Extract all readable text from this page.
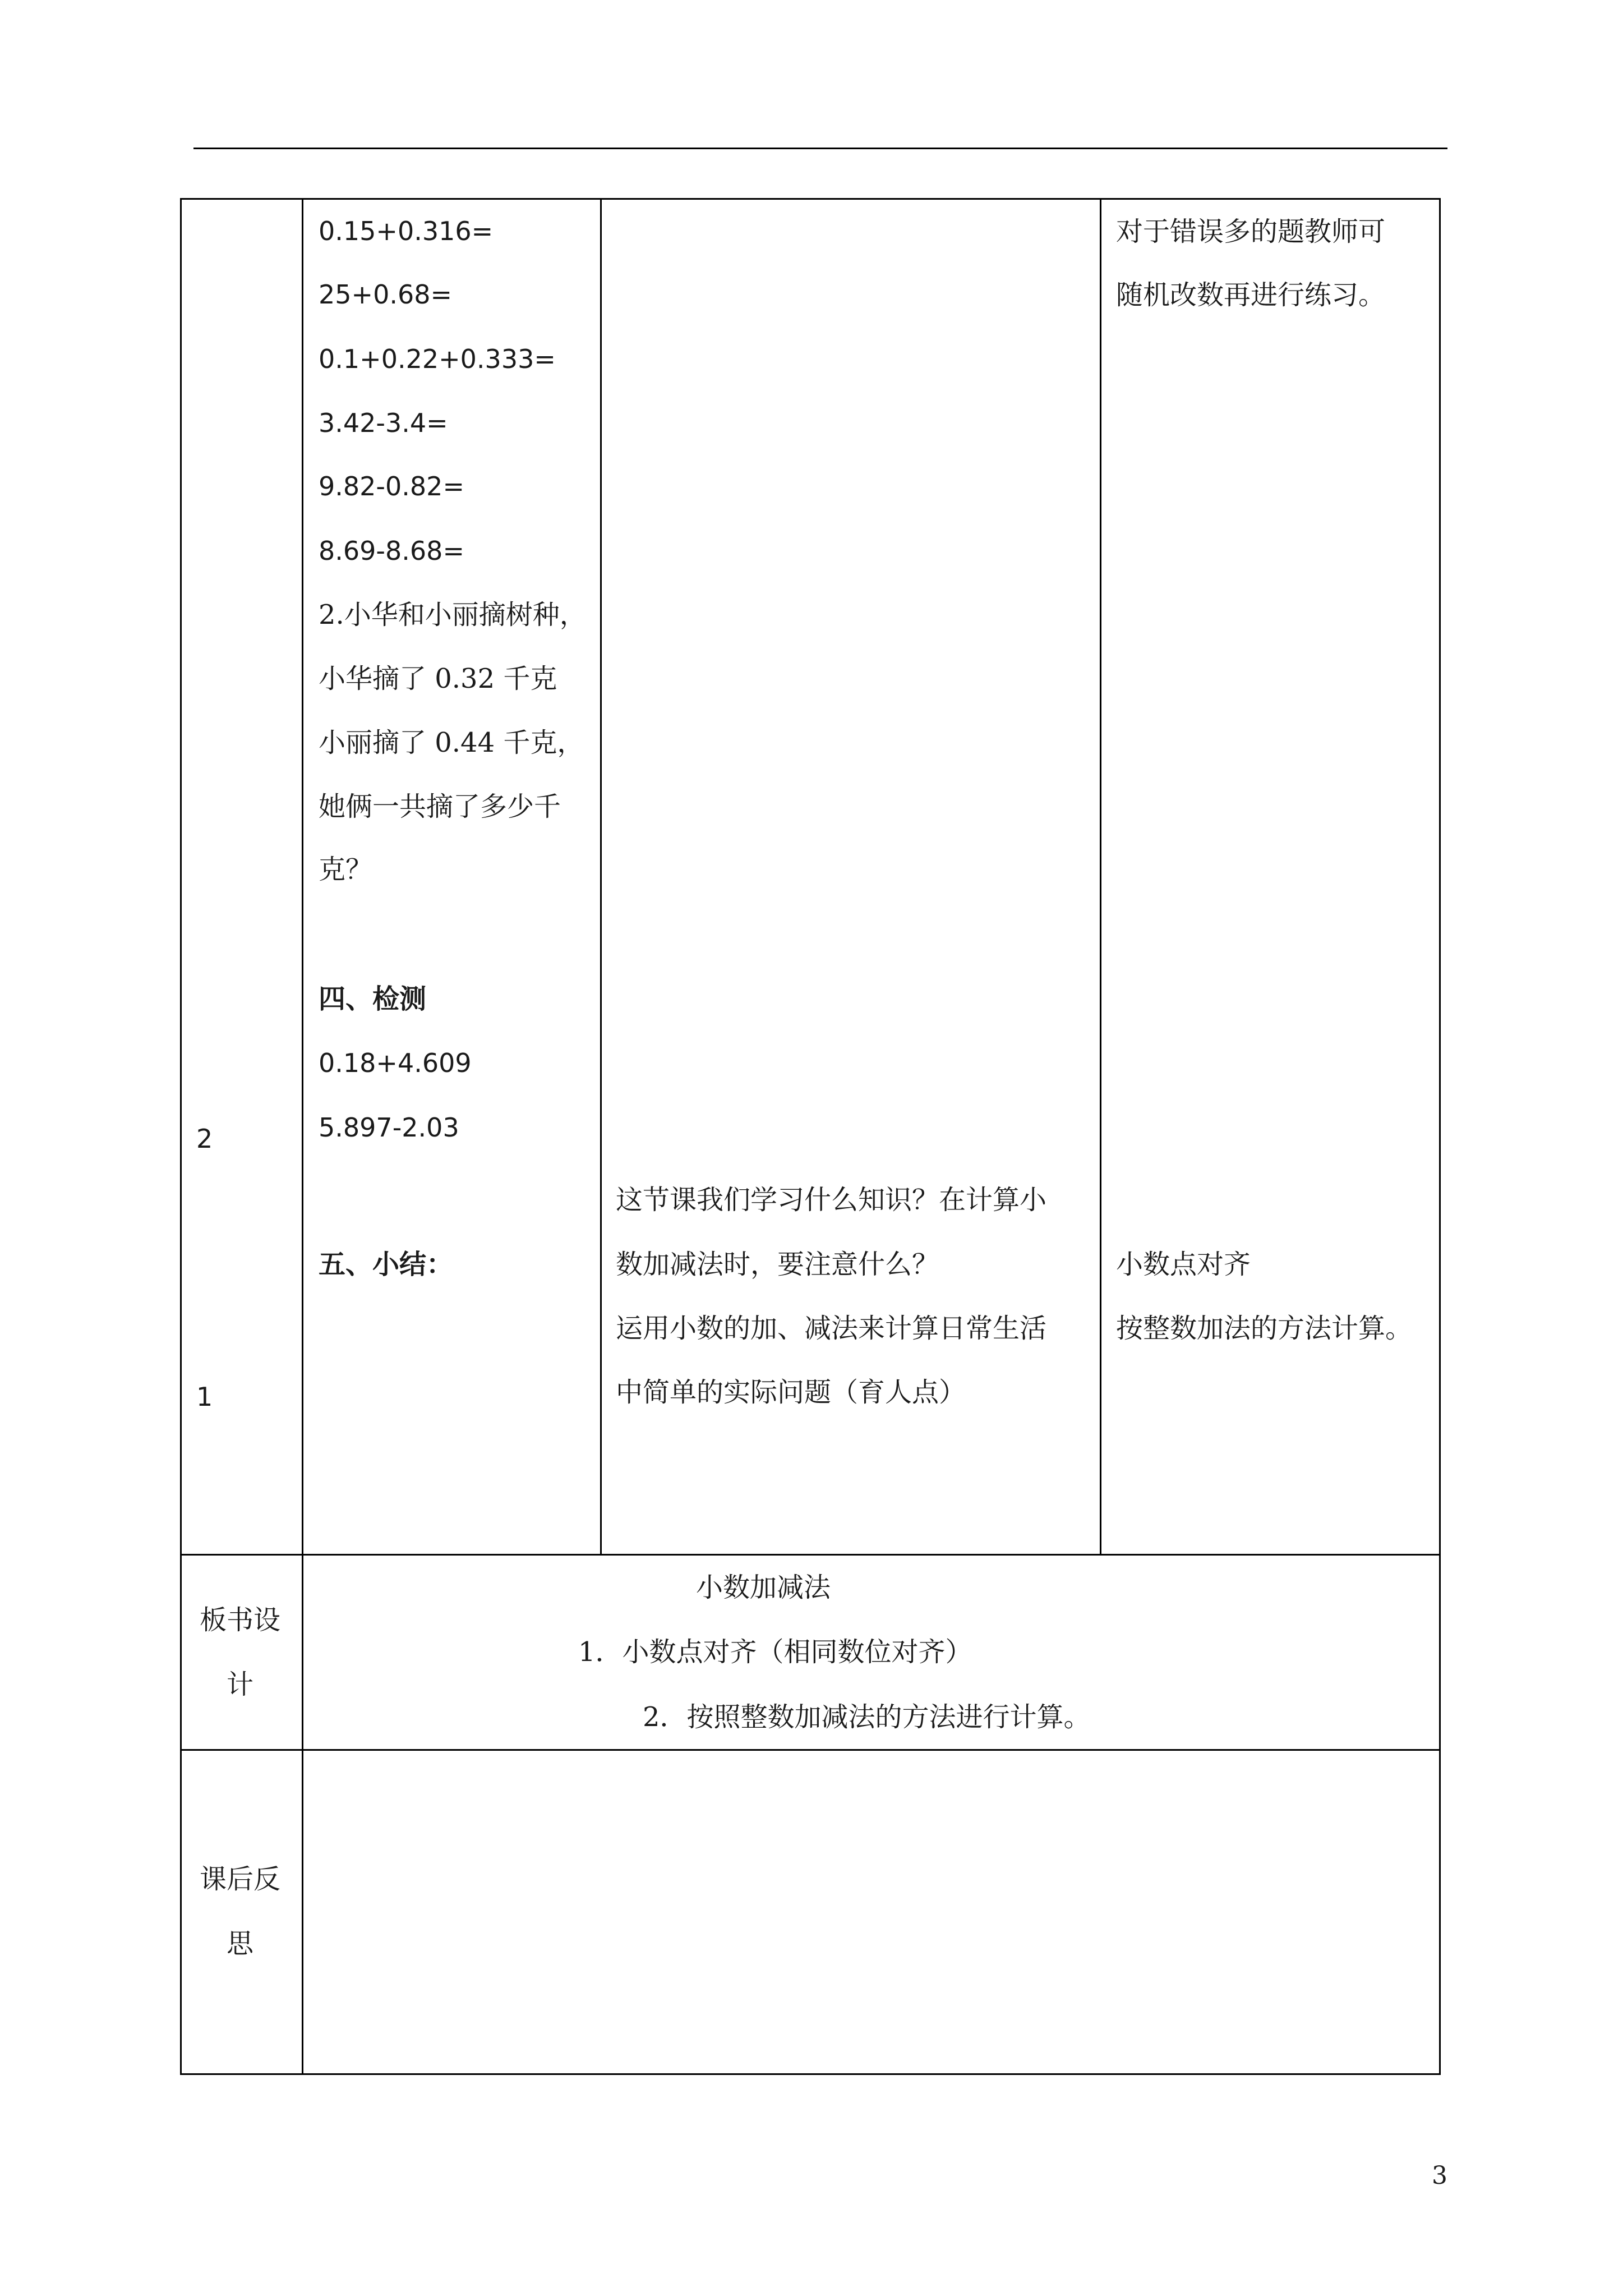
2
1
0.15+0.316=
25+0.68=
0.1+0.22+0.333=
3.42-3.4=
9.82-0.82=
8.69-8.68=
2.小华和小丽摘树种，
小华摘了 0.32 千克
小丽摘了 0.44 千克，
她俩一共摘了多少千
克？
四、检测
0.18+4.609
5.897-2.03
五、小结：
这节课我们学习什么知识？在计算小
数加减法时，要注意什么？
运用小数的加、减法来计算日常生活
中简单的实际问题（育人点）
对于错误多的题教师可
随机改数再进行练习。
小数点对齐
按整数加法的方法计算。
板书设
计
小数加减法
1．小数点对齐（相同数位对齐）
2．按照整数加减法的方法进行计算。
课后反
思
3
